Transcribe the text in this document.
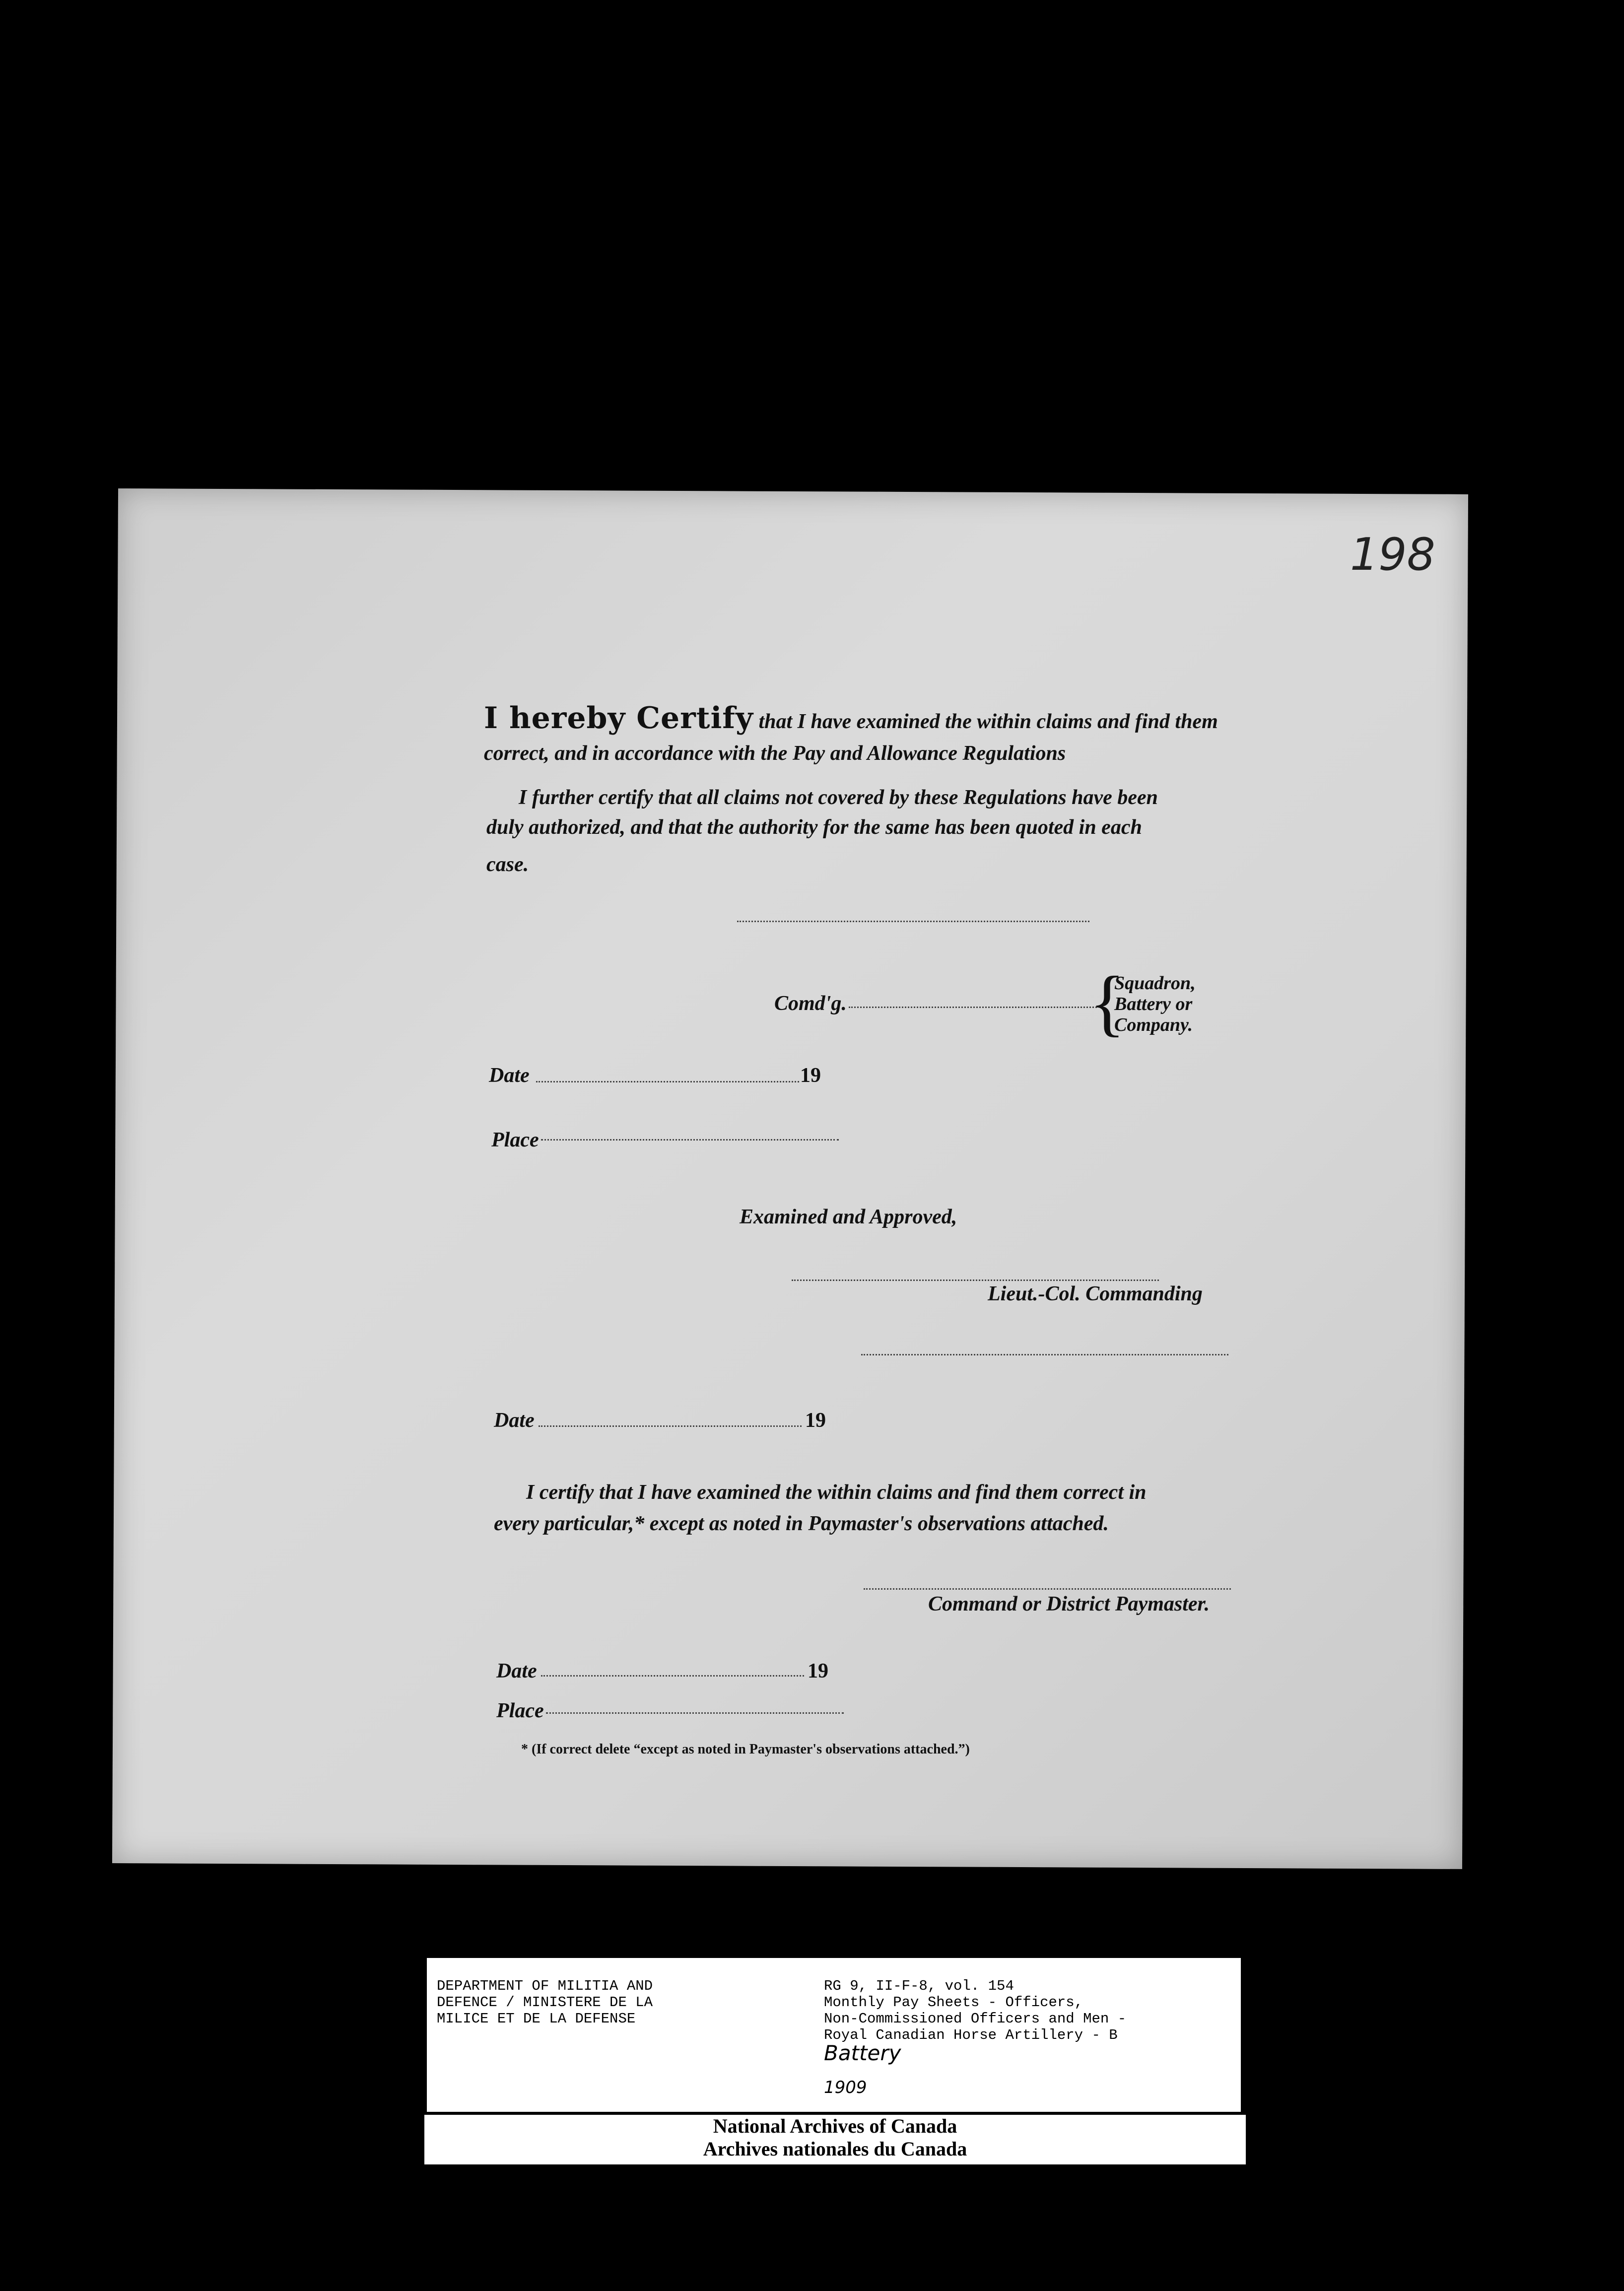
198
I hereby Certify that I have examined the within claims and find them
correct, and in accordance with the Pay and Allowance Regulations
I further certify that all claims not covered by these Regulations have been
duly authorized, and that the authority for the same has been quoted in each
case.
Comd'g.	{
Squadron,
Battery or
Company.
Date	19
Place
Examined and Approved,
Lieut.-Col. Commanding
Date	19
I certify that I have examined the within claims and find them correct in
every particular,* except as noted in Paymaster's observations attached.
Command or District Paymaster.
Date	19
Place
* (If correct delete “except as noted in Paymaster's observations attached.”)
DEPARTMENT OF MILITIA AND
DEFENCE / MINISTERE DE LA
MILICE ET DE LA DEFENSE
RG 9, II-F-8, vol. 154
Monthly Pay Sheets - Officers,
Non-Commissioned Officers and Men -
Royal Canadian Horse Artillery - B
Battery
1909
National Archives of Canada
Archives nationales du Canada
